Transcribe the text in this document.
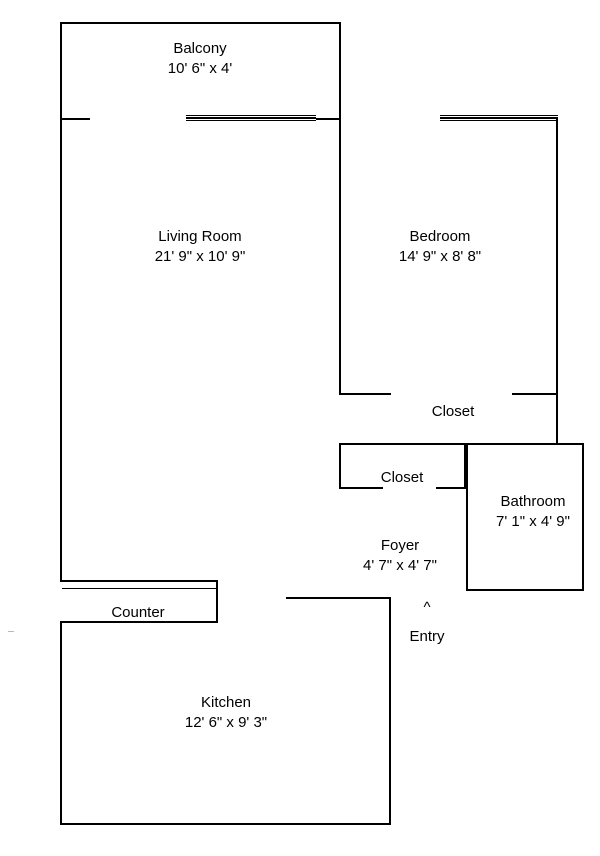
Balcony
10' 6" x 4'
Living Room
21' 9" x 10' 9"
Bedroom
14' 9" x 8' 8"
Closet
Closet
Bathroom
7' 1" x 4' 9"
Foyer
4' 7" x 4' 7"
Counter
Kitchen
12' 6" x 9' 3"
^
Entry
